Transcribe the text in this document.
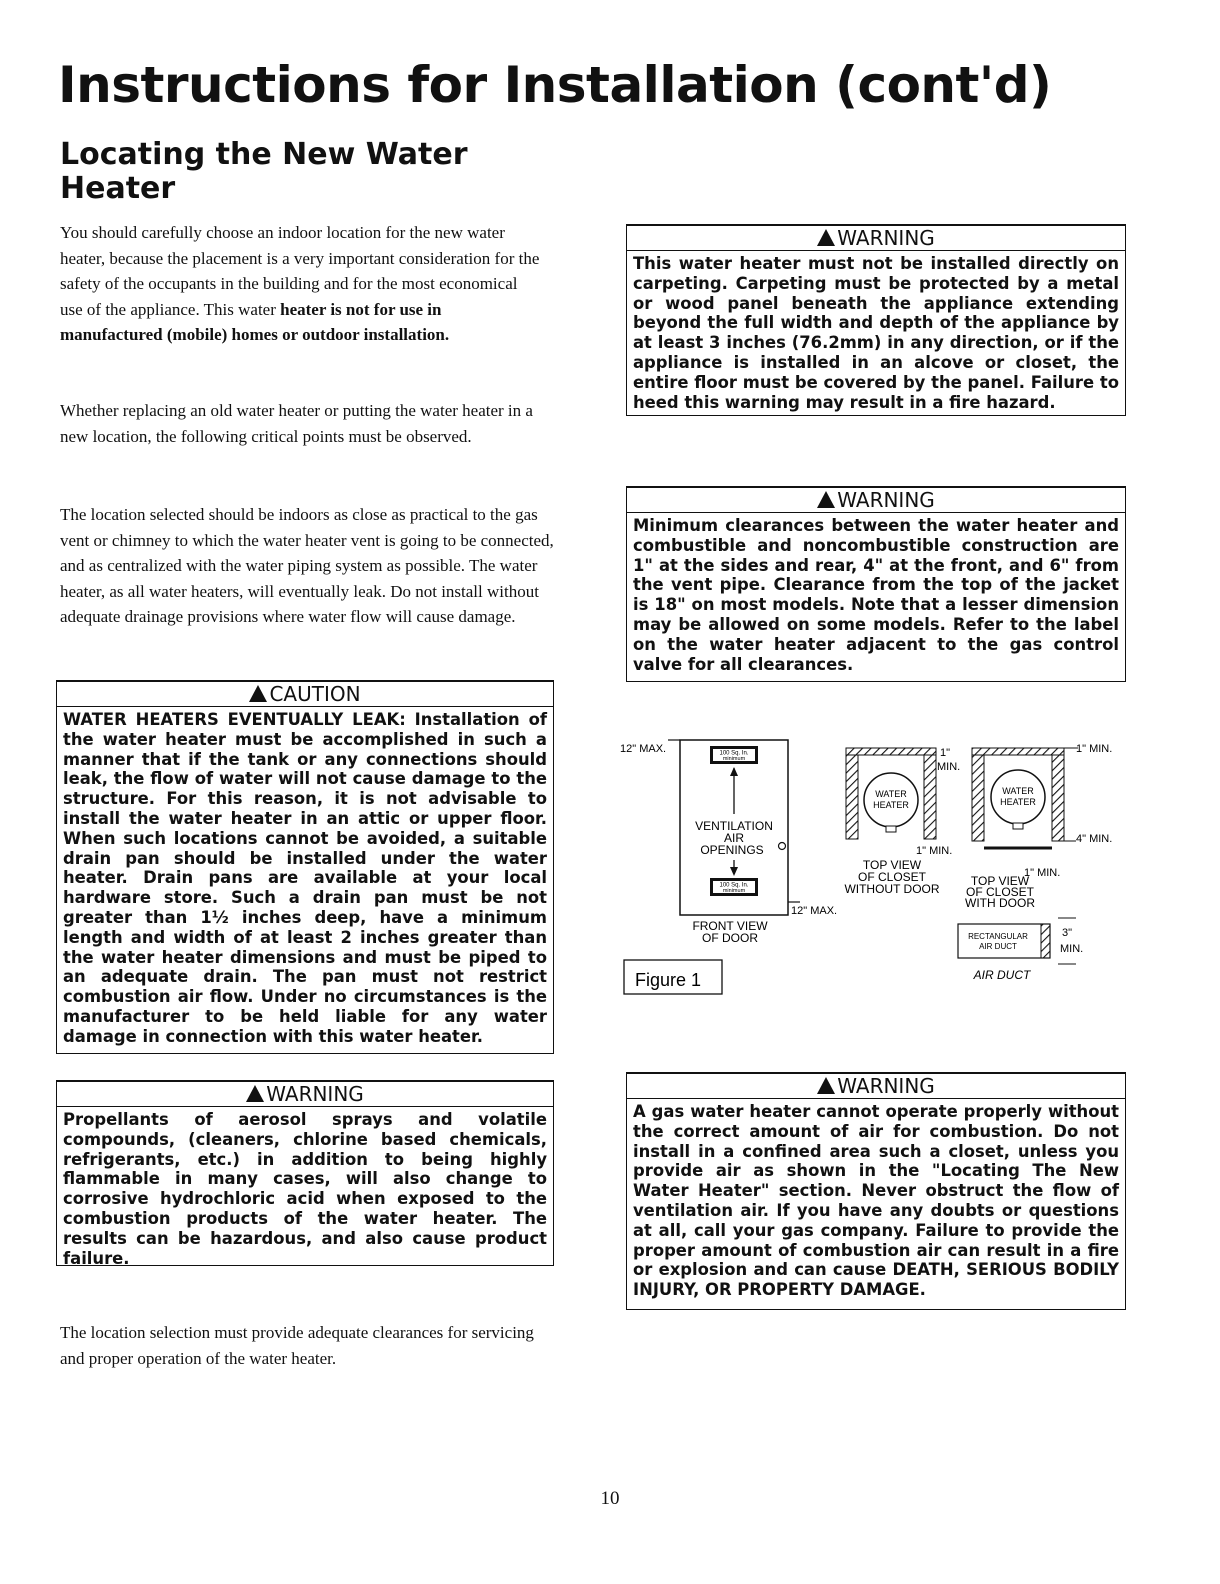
Instructions for Installation (cont'd)
Locating the New Water Heater
You should carefully choose an indoor location for the new water heater, because the placement is a very important consideration for the safety of the occupants in the building and for the most economical use of the appliance. This water heater is not for use in manufactured (mobile) homes or outdoor installation.

Whether replacing an old water heater or putting the water heater in a new location, the following critical points must be observed.

The location selected should be indoors as close as practical to the gas vent or chimney to which the water heater vent is going to be connected, and as centralized with the water piping system as possible. The water heater, as all water heaters, will eventually leak. Do not install without adequate drainage provisions where water flow will cause damage.

CAUTION

WATER HEATERS EVENTUALLY LEAK: Installation of the water heater must be accomplished in such a manner that if the tank or any connections should leak, the flow of water will not cause damage to the structure. For this reason, it is not advisable to install the water heater in an attic or upper floor. When such locations cannot be avoided, a suitable drain pan should be installed under the water heater. Drain pans are available at your local hardware store. Such a drain pan must be not greater than 1½ inches deep, have a minimum length and width of at least 2 inches greater than the water heater dimensions and must be piped to an adequate drain. The pan must not restrict combustion air flow. Under no circumstances is the manufacturer to be held liable for any water damage in connection with this water heater.

WARNING

Propellants of aerosol sprays and volatile compounds, (cleaners, chlorine based chemicals, refrigerants, etc.) in addition to being highly flammable in many cases, will also change to corrosive hydrochloric acid when exposed to the combustion products of the water heater. The results can be hazardous, and also cause product failure.

The location selection must provide adequate clearances for servicing and proper operation of the water heater.

WARNING

This water heater must not be installed directly on carpeting. Carpeting must be protected by a metal or wood panel beneath the appliance extending beyond the full width and depth of the appliance by at least 3 inches (76.2mm) in any direction, or if the appliance is installed in an alcove or closet, the entire floor must be covered by the panel. Failure to heed this warning may result in a fire hazard.

WARNING

Minimum clearances between the water heater and combustible and noncombustible construction are 1" at the sides and rear, 4" at the front, and 6" from the vent pipe. Clearance from the top of the jacket is 18" on most models. Note that a lesser dimension may be allowed on some models. Refer to the label on the water heater adjacent to the gas control valve for all clearances.

12" MAX.	100 Sq. In.
minimum
VENTILATION
AIR
OPENINGS
100 Sq. In.
minimum
12" MAX.
FRONT VIEW
OF DOOR
WATER
HEATER
1"
MIN.
1" MIN.
TOP VIEW
OF CLOSET
WITHOUT DOOR
WATER
HEATER
1" MIN.
4" MIN.
1" MIN.
TOP VIEW
OF CLOSET
WITH DOOR
RECTANGULAR
AIR DUCT
3"
MIN.
AIR DUCT
Figure 1
WARNING

A gas water heater cannot operate properly without the correct amount of air for combustion. Do not install in a confined area such a closet, unless you provide air as shown in the "Locating The New Water Heater" section. Never obstruct the flow of ventilation air. If you have any doubts or questions at all, call your gas company. Failure to provide the proper amount of combustion air can result in a fire or explosion and can cause DEATH, SERIOUS BODILY INJURY, OR PROPERTY DAMAGE.

10
